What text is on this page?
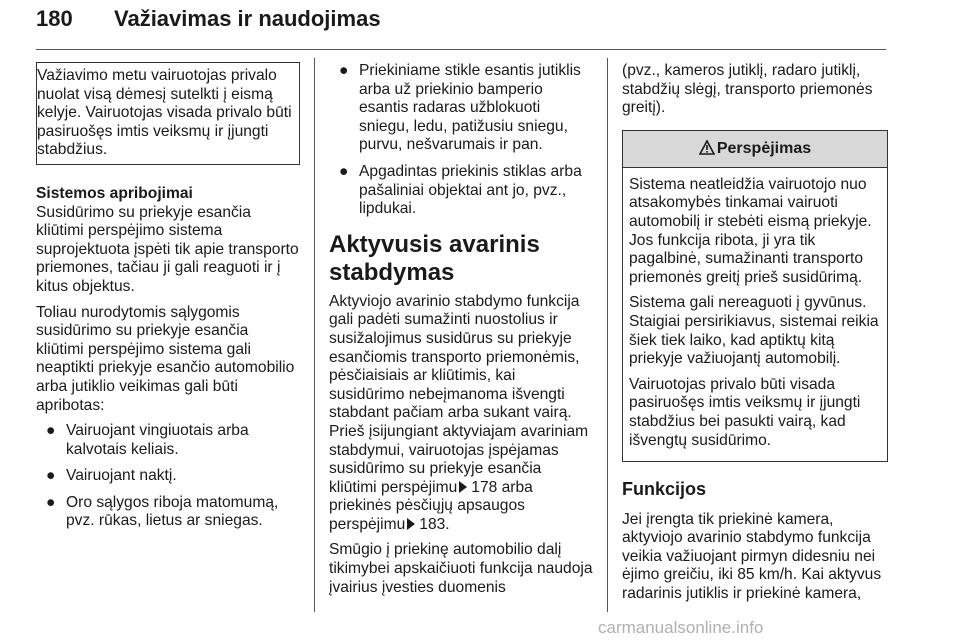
180 Važiavimas ir naudojimas

Važiavimo metu vairuotojas privalo nuolat visą dėmesį sutelkti į eismą kelyje. Vairuotojas visada privalo būti pasiruošęs imtis veiksmų ir įjungti stabdžius.

Sistemos apribojimai

Susidūrimo su priekyje esančia kliūtimi perspėjimo sistema suprojektuota įspėti tik apie transporto priemones, tačiau ji gali reaguoti ir į kitus objektus.

Toliau nurodytomis sąlygomis susidūrimo su priekyje esančia kliūtimi perspėjimo sistema gali neaptikti priekyje esančio automobilio arba jutiklio veikimas gali būti apribotas:

● Vairuojant vingiuotais arba kalvotais keliais.
● Vairuojant naktį.
● Oro sąlygos riboja matomumą, pvz. rūkas, lietus ar sniegas.
● Priekiniame stikle esantis jutiklis arba už priekinio bamperio esantis radaras užblokuoti sniegu, ledu, patižusiu sniegu, purvu, nešvarumais ir pan.
● Apgadintas priekinis stiklas arba pašaliniai objektai ant jo, pvz., lipdukai.
Aktyvusis avarinis stabdymas

Aktyviojo avarinio stabdymo funkcija gali padėti sumažinti nuostolius ir susižalojimus susidūrus su priekyje esančiomis transporto priemonėmis, pėsčiaisiais ar kliūtimis, kai susidūrimo nebeįmanoma išvengti stabdant pačiam arba sukant vairą. Prieš įsijungiant aktyviajam avariniam stabdymui, vairuotojas įspėjamas susidūrimo su priekyje esančia kliūtimi perspėjimu 178 arba priekinės pėsčiųjų apsaugos perspėjimu 183.

Smūgio į priekinę automobilio dalį tikimybei apskaičiuoti funkcija naudoja įvairius įvesties duomenis

(pvz., kameros jutiklį, radaro jutiklį, stabdžių slėgį, transporto priemonės greitį).

Perspėjimas

Sistema neatleidžia vairuotojo nuo atsakomybės tinkamai vairuoti automobilį ir stebėti eismą priekyje. Jos funkcija ribota, ji yra tik pagalbinė, sumažinanti transporto priemonės greitį prieš susidūrimą.

Sistema gali nereaguoti į gyvūnus. Staigiai persirikiavus, sistemai reikia šiek tiek laiko, kad aptiktų kitą priekyje važiuojantį automobilį.

Vairuotojas privalo būti visada pasiruošęs imtis veiksmų ir įjungti stabdžius bei pasukti vairą, kad išvengtų susidūrimo.

Funkcijos

Jei įrengta tik priekinė kamera, aktyviojo avarinio stabdymo funkcija veikia važiuojant pirmyn didesniu nei ėjimo greičiu, iki 85 km/h. Kai aktyvus radarinis jutiklis ir priekinė kamera,

carmanualsonline.info
